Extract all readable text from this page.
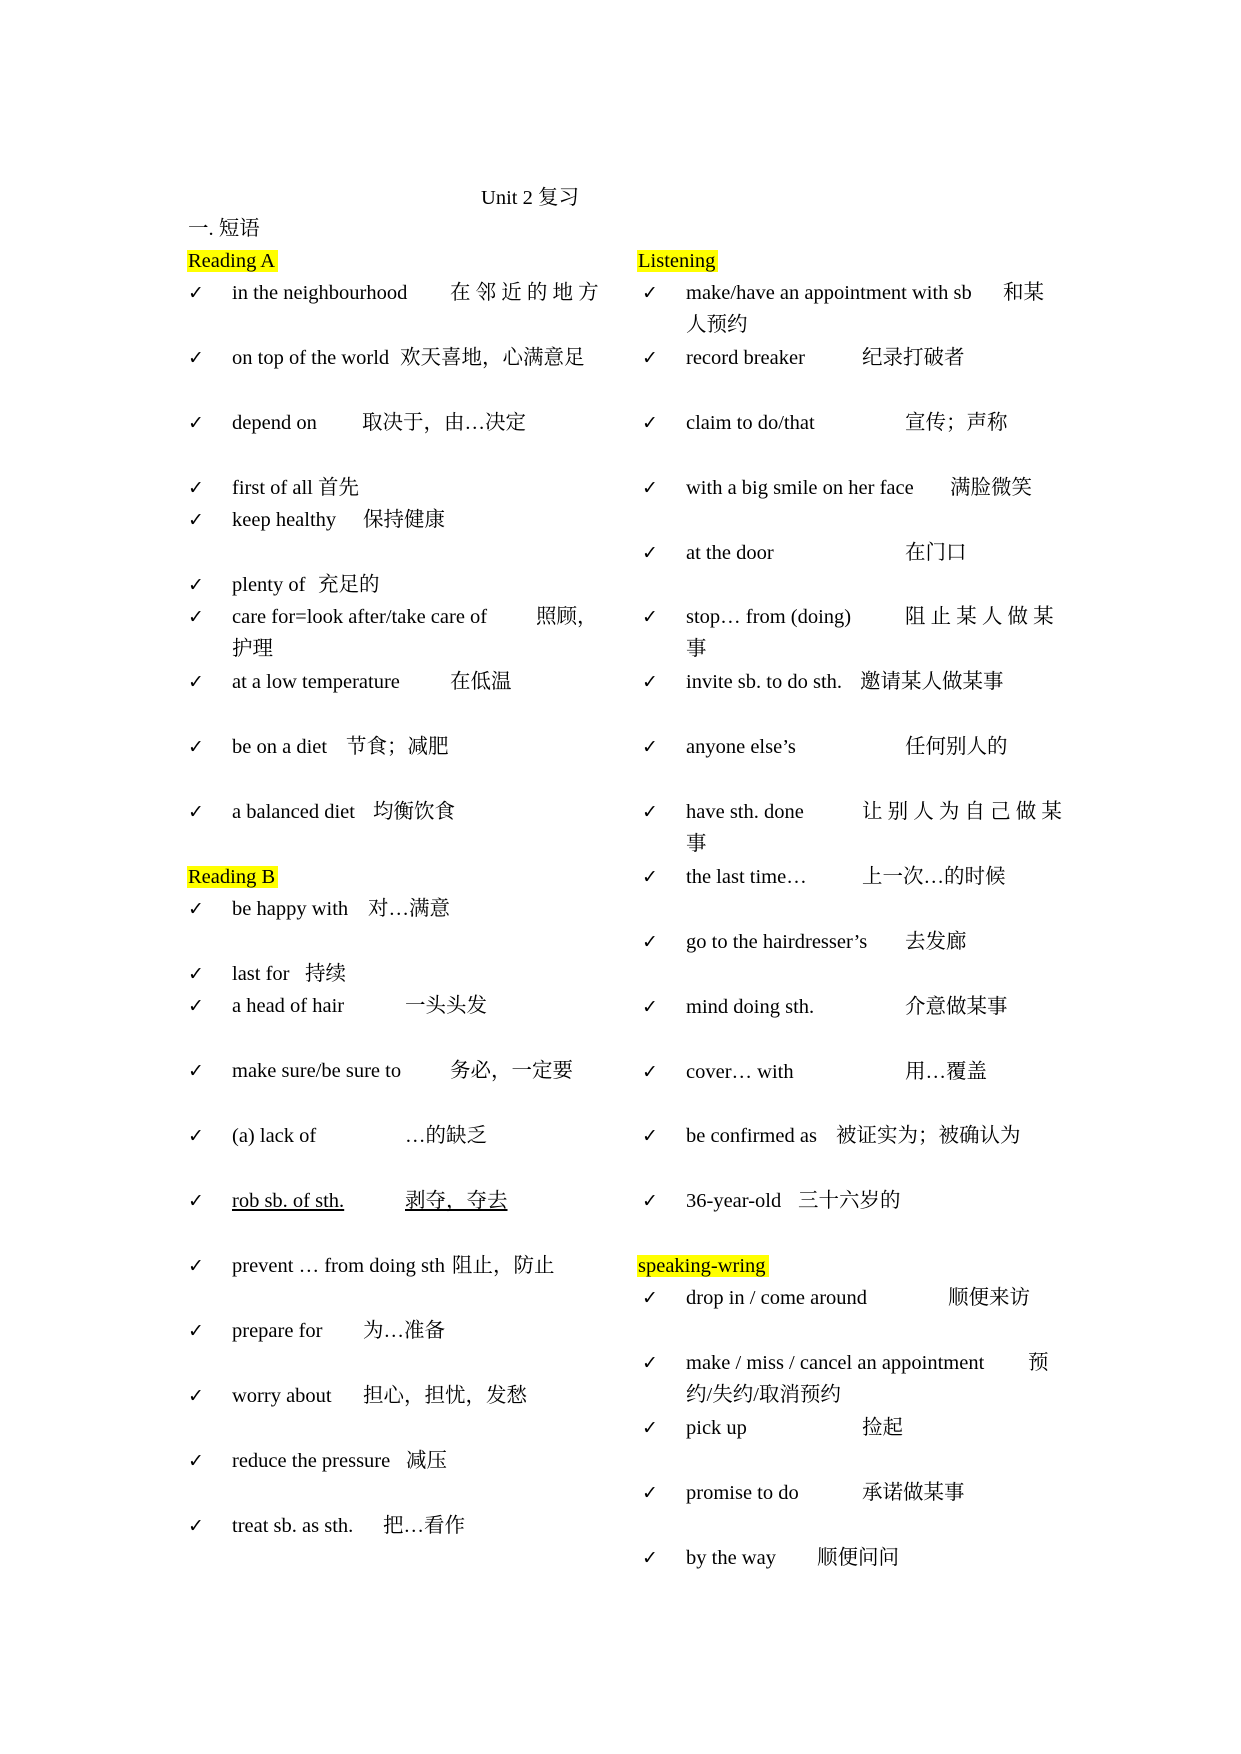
Unit 2 复习
一. 短语
Reading A
✓ in the neighbourhood 在 邻 近 的 地 方
✓ on top of the world 欢天喜地，心满意足
✓ depend on 取决于，由…决定
✓ first of all 首先
✓ keep healthy 保持健康
✓ plenty of 充足的
✓ care for=look after/take care of 照顾，
护理
✓ at a low temperature 在低温
✓ be on a diet 节食；减肥
✓ a balanced diet 均衡饮食
Reading B
✓ be happy with 对…满意
✓ last for 持续
✓ a head of hair	一头头发
✓ make sure/be sure to 务必，一定要
✓ (a) lack of	…的缺乏
✓ rob sb. of sth.	剥夺，夺去
✓ prevent … from doing sth 阻止，防止
✓ prepare for 为…准备
✓ worry about 担心，担忧，发愁
✓ reduce the pressure 减压
✓ treat sb. as sth. 把…看作
Listening
✓ make/have an appointment with sb 和某
人预约
✓ record breaker	纪录打破者
✓ claim to do/that	宣传；声称
✓ with a big smile on her face 满脸微笑
✓ at the door	在门口
✓ stop… from (doing)	阻 止 某 人 做 某
事
✓ invite sb. to do sth. 邀请某人做某事
✓ anyone else’s	任何别人的
✓ have sth. done	让 别 人 为 自 己 做 某
事
✓ the last time…	上一次…的时候
✓ go to the hairdresser’s 去发廊
✓ mind doing sth.	介意做某事
✓ cover… with	用…覆盖
✓ be confirmed as 被证实为；被确认为
✓ 36-year-old 三十六岁的
speaking-wring
✓ drop in / come around	顺便来访
✓ make / miss / cancel an appointment 预
约/失约/取消预约
✓ pick up	捡起
✓ promise to do	承诺做某事
✓ by the way 顺便问问
